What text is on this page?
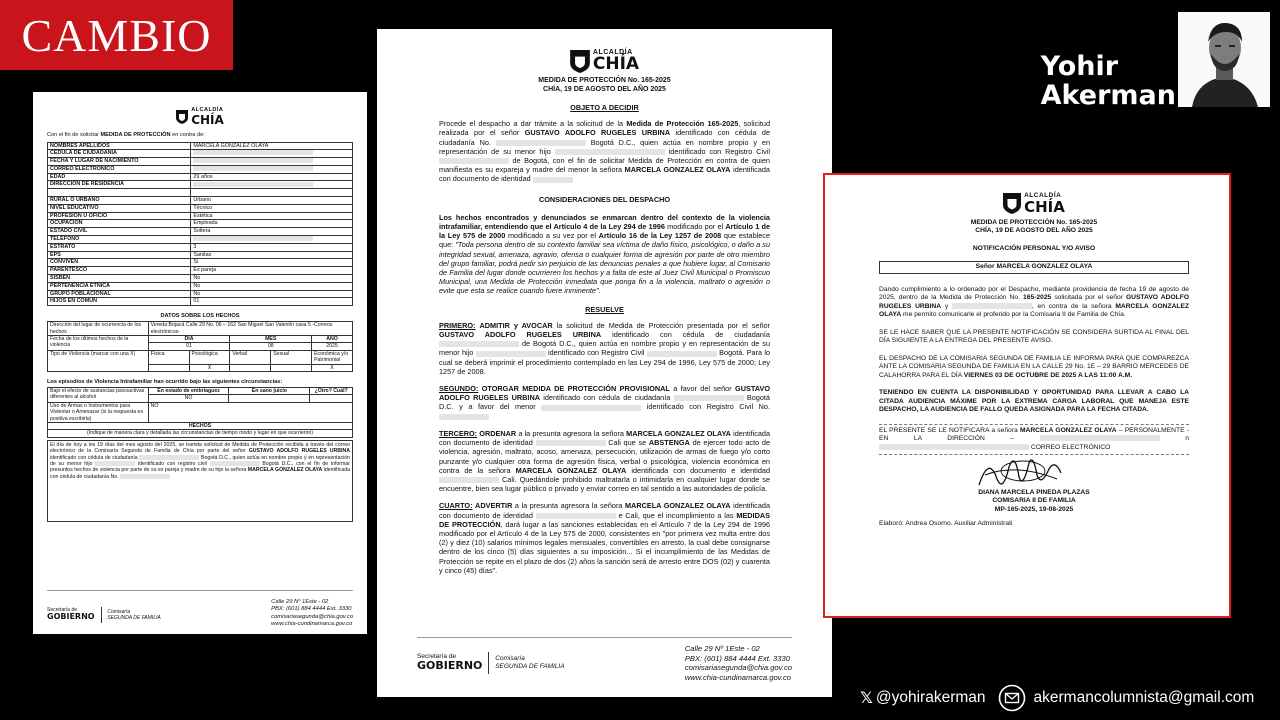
CAMBIO
Yohir
Akerman
𝕏 @yohirakerman	akermancolumnista@gmail.com
ALCALDÍA
CHÍA
Con el fin de solicitar MEDIDA DE PROTECCIÓN en contra de:
NOMBRES APELLIDOS	MARCELA GONZALEZ OLAYA
CÉDULA DE CIUDADANÍA	
FECHA Y LUGAR DE NACIMIENTO	
CORREO ELECTRÓNICO	
EDAD	29 años
DIRECCIÓN DE RESIDENCIA	

RURAL O URBANO	Urbano
NIVEL EDUCATIVO	Técnico
PROFESIÓN U OFICIO	Estética
OCUPACIÓN	Empleada
ESTADO CIVIL	Soltera
TELEFONO	
ESTRATO	3
EPS	Sanitas
CONVIVEN	Si
PARENTESCO	Ex pareja
SISBEN	No
PERTENENCIA ÉTNICA	No
GRUPO POBLACIONAL	No
HIJOS EN COMÚN	01
DATOS SOBRE LOS HECHOS
Dirección del lugar de ocurrencia de los hechos	Vereda Bojacá Calle 29 No. 06 – 162 San Miguel San Valentín casa 5 -Correos electrónicos-				
Fecha de los últimos hechos de la violencia	DÍA		MES		AÑO
	01		08		2025
Tipo de Violencia (marcar con una X)	Física	Psicológica	Verbal	Sexual	Económica y/o Patrimonial
		X			X
Los episodios de Violencia Intrafamiliar han ocurrido bajo las siguientes circunstancias:
Bajo el efecto de sustancias psicoactivas diferentes al alcohol	En estado de embriaguez	En sano juicio	¿Otro? Cuál?
	NO		
Uso de Armas o Instrumentos para Violentar o Amenazar (si la respuesta es positiva escribirla)	NO		
HECHOS			
(Indique de manera clara y detallada las circunstancias de tiempo modo y lugar en que ocurrieron)			
El día de hoy a los 19 días del mes agosto del 2025, se tramita solicitud de Medida de Protección recibida a través del correo electrónico de la Comisaría Segunda de Familia de Chía por parte del señor GUSTAVO ADOLFO RUGELES URBINA identificado con cédula de ciudadanía	Bogotá D.C., quien actúa en nombre propio y en representación de su menor hijo	identificado con registro civil	Bogotá D.C., con el fin de informar presuntos hechos de violencia por parte de su ex pareja y madre de su hijo la señora MARCELA GONZALEZ OLAYA identificada con cédula de ciudadanía No.
Secretaría de
GOBIERNO
Comisaría
SEGUNDA DE FAMILIA
Calle 29 Nº 1Este - 02
PBX: (601) 884 4444 Ext. 3330
comisariasegunda@chia.gov.co
www.chia-cundinamarca.gov.co
ALCALDÍA
CHÍA
MEDIDA DE PROTECCIÓN No. 165-2025
CHÍA, 19 DE AGOSTO DEL AÑO 2025
OBJETO A DECIDIR

Procede el despacho a dar trámite a la solicitud de la Medida de Protección 165-2025, solicitud realizada por el señor GUSTAVO ADOLFO RUGELES URBINA identificado con cédula de ciudadanía No.	Bogotá D.C., quien actúa en nombre propio y en representación de su menor hijo	identificado con Registro Civil  de Bogotá, con el fin de solicitar Medida de Protección en contra de quien manifiesta es su expareja y madre del menor la señora MARCELA GONZALEZ OLAYA identificada con documento de identidad

CONSIDERACIONES DEL DESPACHO

Los hechos encontrados y denunciados se enmarcan dentro del contexto de la violencia intrafamiliar, entendiendo que el Artículo 4 de la Ley 294 de 1996 modificado por el Artículo 1 de la Ley 575 de 2000 modificado a su vez por el Artículo 16 de la Ley 1257 de 2008 que establece que: "Toda persona dentro de su contexto familiar sea víctima de daño físico, psicológico, o daño a su integridad sexual, amenaza, agravio, ofensa o cualquier forma de agresión por parte de otro miembro del grupo familiar, podrá pedir sin perjuicio de las denuncias penales a que hubiere lugar, al Comisario de Familia del lugar donde ocurrieren los hechos y a falta de este al Juez Civil Municipal o Promiscuo Municipal, una Medida de Protección inmediata que ponga fin a la violencia, maltrato o agresión o evite que esta se realice cuando fuere inminente".

RESUELVE

PRIMERO: ADMITIR y AVOCAR la solicitud de Medida de Protección presentada por el señor GUSTAVO ADOLFO RUGELES URBINA identificado con cédula de ciudadanía  de Bogotá D.C., quien actúa en nombre propio y en representación de su menor hijo	identificado con Registro Civil	Bogotá. Para lo cual se deberá imprimir el procedimiento contemplado en las Ley 294 de 1996, Ley 575 de 2000; Ley 1257 de 2008.

SEGUNDO: OTORGAR MEDIDA DE PROTECCIÓN PROVISIONAL a favor del señor GUSTAVO ADOLFO RUGELES URBINA identificado con cédula de ciudadanía	Bogotá D.C. y a favor del menor	identificado con Registro Civil No.

TERCERO: ORDENAR a la presunta agresora la señora MARCELA GONZALEZ OLAYA identificada con documento de identidad	Cali que se ABSTENGA de ejercer todo acto de violencia, agresión, maltrato, acoso, amenaza, persecución, utilización de armas de fuego y/o corto punzante y/o cualquier otra forma de agresión física, verbal o psicológica, violencia económica en contra de la señora MARCELA GONZALEZ OLAYA identificada con documento e identidad  Cali. Quedándole prohibido maltratarla o intimidarla en cualquier lugar donde se encuentre, bien sea lugar público o privado y enviar correo en tal sentido a las autoridades de policía.

CUARTO: ADVERTIR a la presunta agresora la señora MARCELA GONZALEZ OLAYA identificada con documento de identidad	e Cali, que el incumplimiento a las MEDIDAS DE PROTECCIÓN, dará lugar a las sanciones establecidas en el Artículo 7 de la Ley 294 de 1996 modificado por el Artículo 4 de la Ley 575 de 2000, consistentes en "por primera vez multa entre dos (2) y diez (10) salarios mínimos legales mensuales, convertibles en arresto, la cual debe consignarse dentro de los cinco (5) días siguientes a su imposición... Si el incumplimiento de las Medidas de Protección se repite en el plazo de dos (2) años la sanción será de arresto entre DOS (02) y cuarenta y cinco (45) días".

Secretaría de
GOBIERNO
Comisaría
SEGUNDA DE FAMILIA
Calle 29 Nº 1Este - 02
PBX: (601) 884 4444 Ext. 3330
comisariasegunda@chia.gov.co
www.chia-cundinamarca.gov.co
ALCALDÍA
CHÍA
MEDIDA DE PROTECCIÓN No. 165-2025
CHÍA, 19 DE AGOSTO DEL AÑO 2025
NOTIFICACIÓN PERSONAL Y/O AVISO
Señor MARCELA GONZALEZ OLAYA

Dando cumplimiento a lo ordenado por el Despacho, mediante providencia de fecha 19 de agosto de 2025, dentro de la Medida de Protección No. 165-2025 solicitada por el señor GUSTAVO ADOLFO RUGELES URBINA y	, en contra de la señora MARCELA GONZALEZ OLAYA me permito comunicarle el proferido por la Comisaria II de Familia de Chía.

SE LE HACE SABER QUE LA PRESENTE NOTIFICACIÓN SE CONSIDERA SURTIDA AL FINAL DEL DÍA SIGUIENTE A LA ENTREGA DEL PRESENTE AVISO.

EL DESPACHO DE LA COMISARIA SEGUNDA DE FAMILIA LE INFORMA PARA QUE COMPAREZCA ANTE LA COMISARIA SEGUNDA DE FAMILIA EN LA CALLE 29 No. 1E – 29 BARRIO MERCEDES DE CALAHORRA PARA EL DÍA VIERNES 03 DE OCTUBRE DE 2025 A LAS 11:00 A.M.

TENIENDO EN CUENTA LA DISPONIBILIDAD Y OPORTUNIDAD PARA LLEVAR A CABO LA CITADA AUDIENCIA MÁXIME POR LA EXTREMA CARGA LABORAL QUE MANEJA ESTE DESPACHO, LA AUDIENCIA DE FALLO QUEDA ASIGNADA PARA LA FECHA CITADA.

EL PRESENTE SE LE NOTIFICARA a señora MARCELA GONZALEZ OLAYA – PERSONALMENTE - EN LA DIRECCIÓN –	n  CORREO ELECTRÓNICO
DIANA MARCELA PINEDA PLAZAS
COMISARIA II DE FAMILIA
MP-165-2025, 19-08-2025
Elaboró: Andrea Osorno. Auxiliar Administrati
